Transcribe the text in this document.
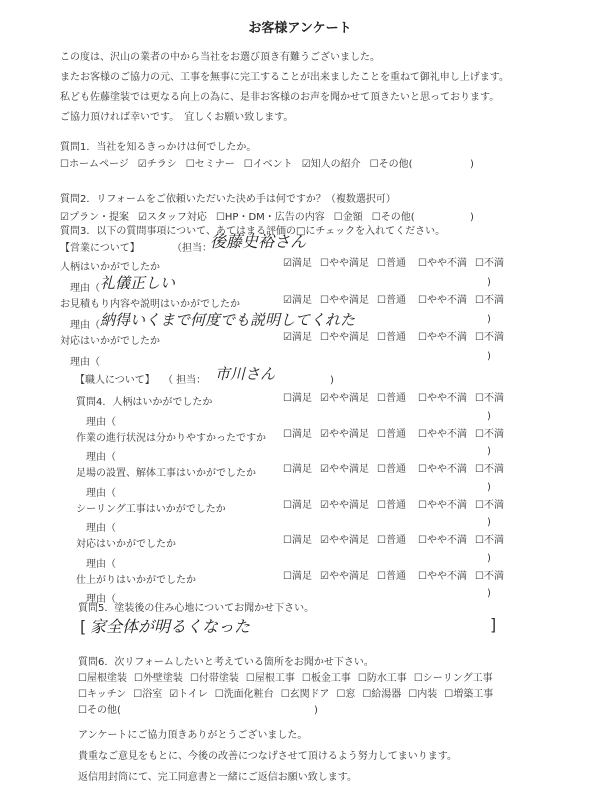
お客様アンケート
この度は、沢山の業者の中から当社をお選び頂き有難うございました。
またお客様のご協力の元、工事を無事に完工することが出来ましたことを重ねて御礼申し上げます。
私ども佐藤塗装では更なる向上の為に、是非お客様のお声を聞かせて頂きたいと思っております。
ご協力頂ければ幸いです。　宜しくお願い致します。
質問1．当社を知るきっかけは何でしたか。
☐ホームページ ☑チラシ ☐セミナー ☐イベント ☑知人の紹介 ☐その他(	)
質問2．リフォームをご依頼いただいた決め手は何ですか？（複数選択可）
☑プラン・提案 ☑スタッフ対応 ☐HP・DM・広告の内容 ☐金額 ☐その他(	)
質問3．以下の質問事項について、あてはまる評価の□にチェックを入れてください。
【営業について】	（担当：
後藤史裕さん
人柄はいかがでしたか	☑満足 ☐やや満足 ☐普通 ☐やや不満 ☐不満
理由（ 礼儀正しい	)
お見積もり内容や説明はいかがでしたか	☑満足 ☐やや満足 ☐普通 ☐やや不満 ☐不満
理由（ 納得いくまで何度でも説明してくれた	)
対応はいかがでしたか	☑満足 ☐やや満足 ☐普通 ☐やや不満 ☐不満
理由（
)
【職人について】 （ 担当： 市川さん	)
質問4．人柄はいかがでしたか	☐満足 ☑やや満足 ☐普通 ☐やや不満 ☐不満
理由（
)
作業の進行状況は分かりやすかったですか ☐満足 ☑やや満足 ☐普通 ☐やや不満 ☐不満
理由（
)
足場の設置、解体工事はいかがでしたか	☐満足 ☑やや満足 ☐普通 ☐やや不満 ☐不満
理由（
)
シーリング工事はいかがでしたか	☐満足 ☑やや満足 ☐普通 ☐やや不満 ☐不満
理由（
)
対応はいかがでしたか	☐満足 ☑やや満足 ☐普通 ☐やや不満 ☐不満
理由（
)
仕上がりはいかがでしたか	☐満足 ☑やや満足 ☐普通 ☐やや不満 ☐不満
理由（
)
質問5．塗装後の住み心地についてお聞かせ下さい。
[ 家全体が明るくなった	]
質問6．次リフォームしたいと考えている箇所をお聞かせ下さい。
☐屋根塗装 ☐外壁塗装 ☐付帯塗装 ☐屋根工事 ☐板金工事 ☐防水工事 ☐シーリング工事
☐キッチン ☐浴室 ☑トイレ ☐洗面化粧台 ☐玄関ドア ☐窓 ☐給湯器 ☐内装 ☐増築工事
☐その他(	)
アンケートにご協力頂きありがとうございました。
貴重なご意見をもとに、今後の改善につなげさせて頂けるよう努力してまいります。
返信用封筒にて、完工同意書と一緒にご返信お願い致します。
